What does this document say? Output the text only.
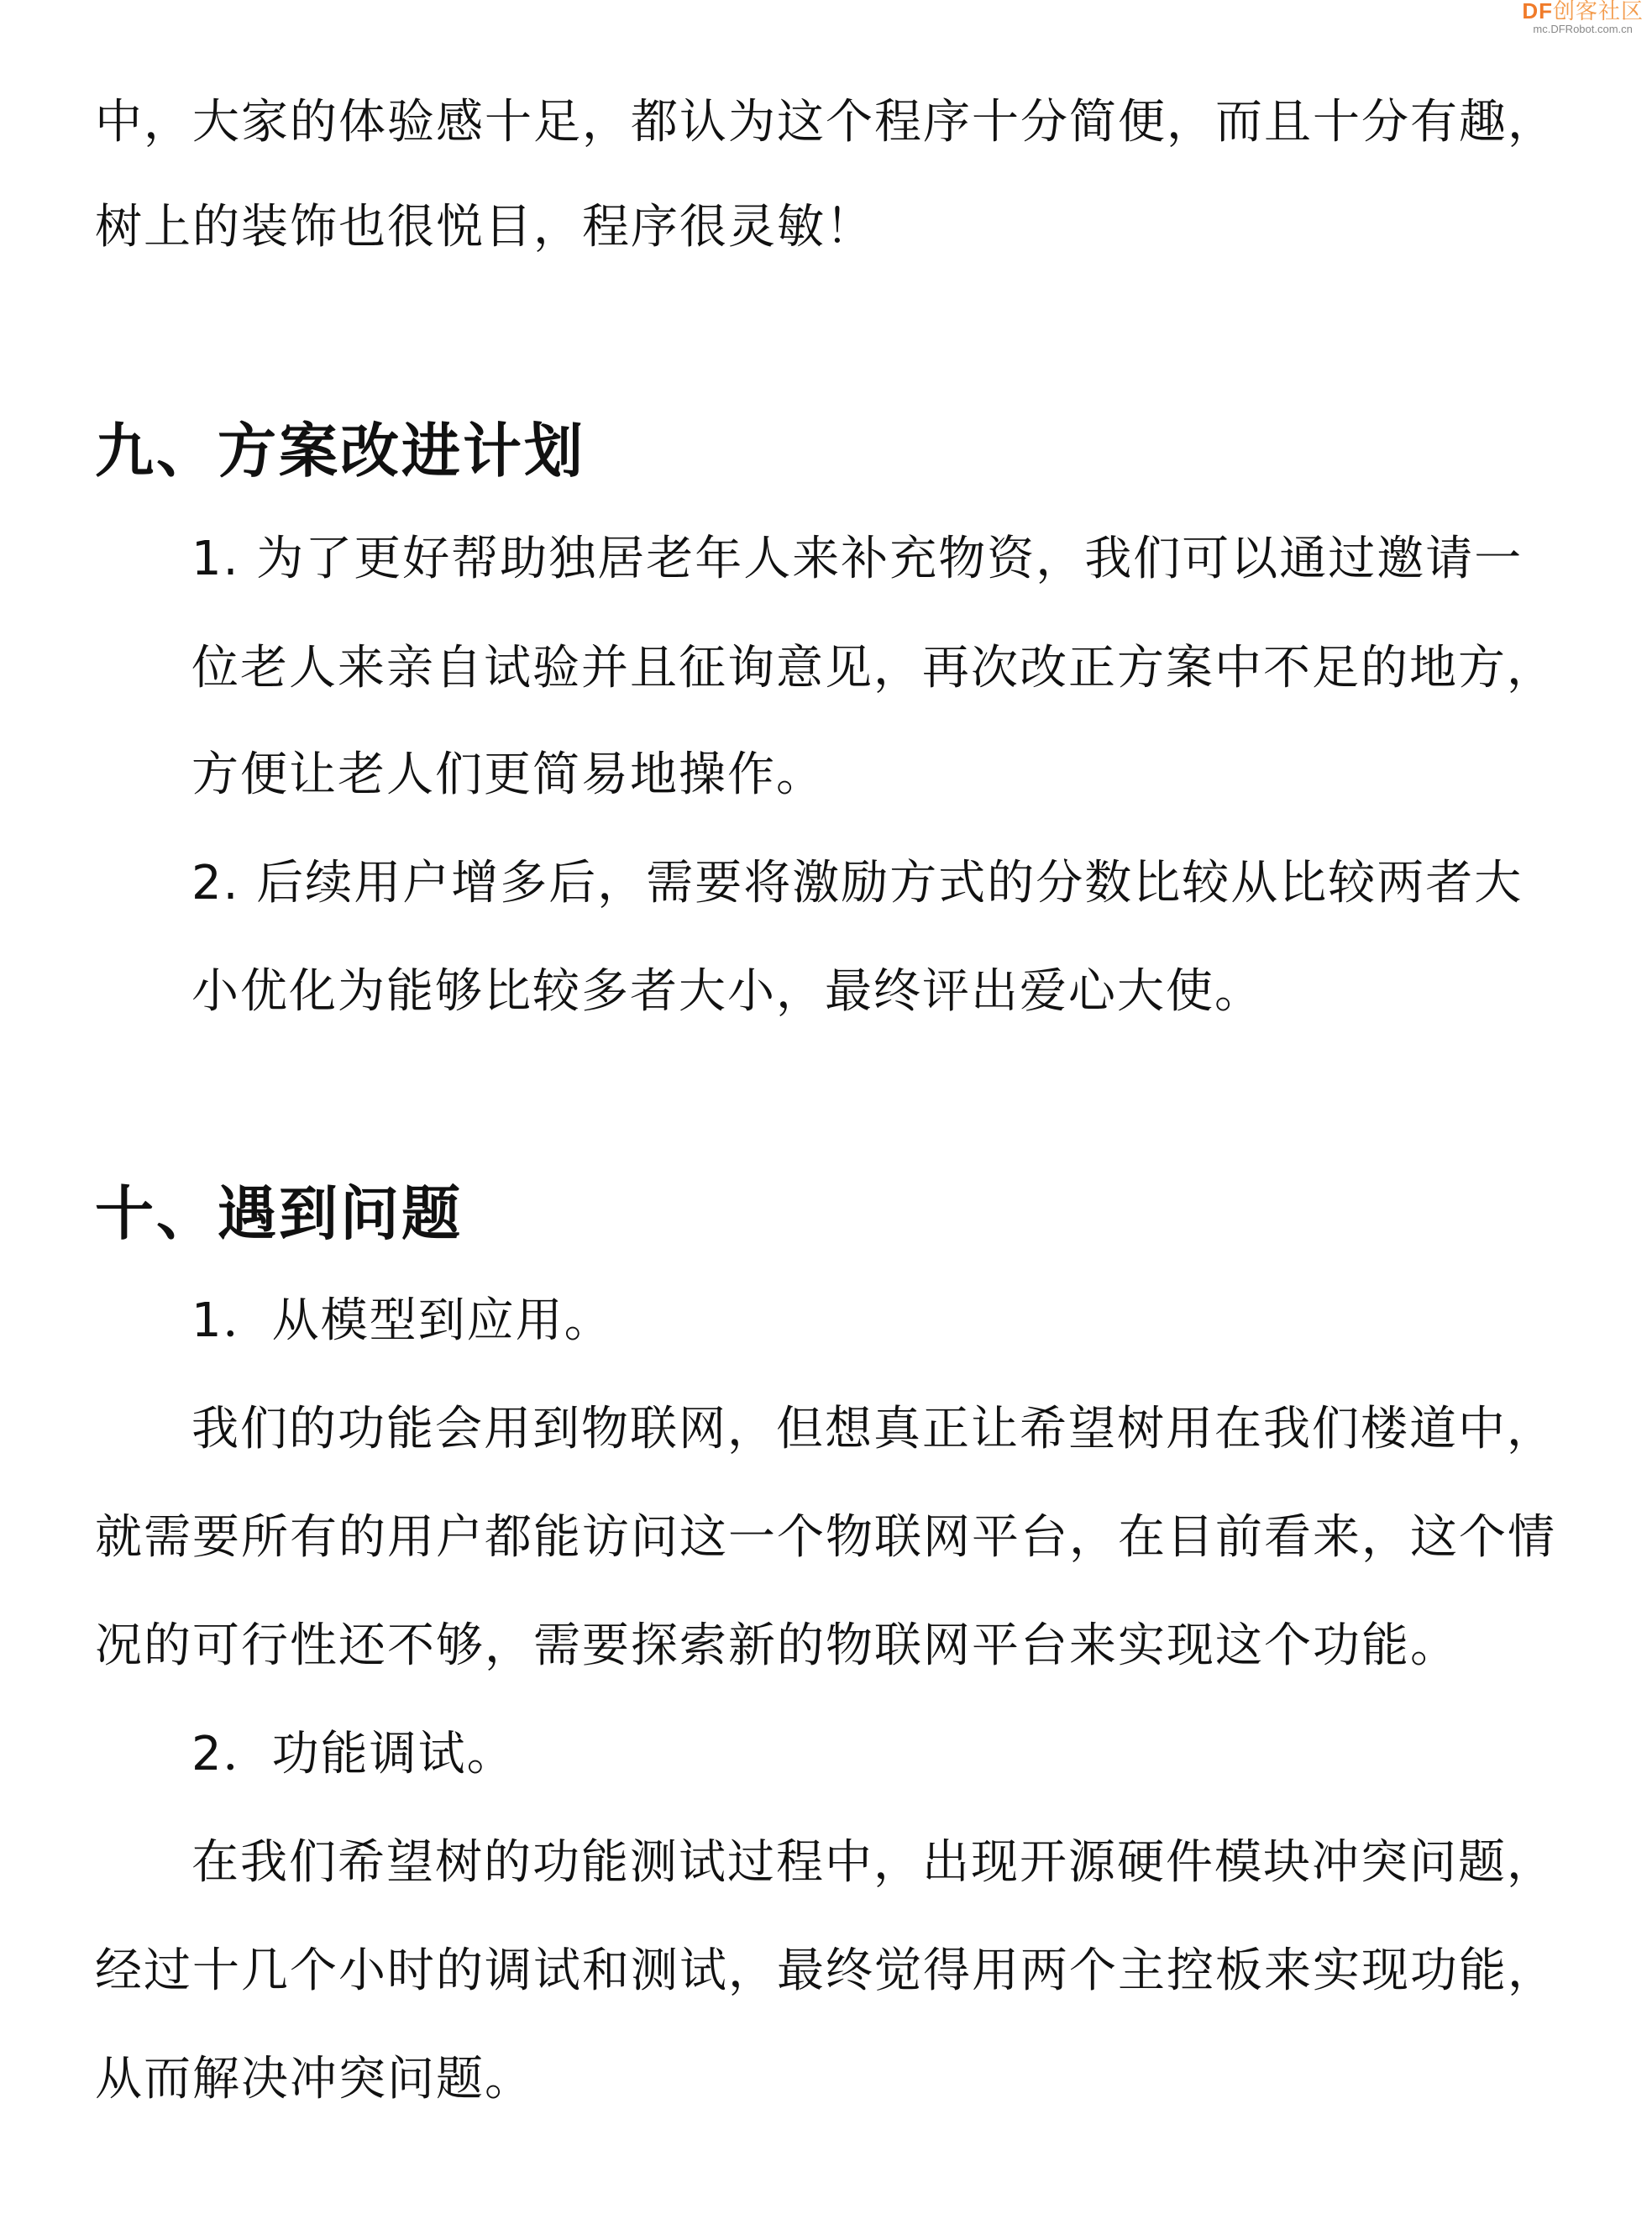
DF创客社区
mc.DFRobot.com.cn
中，大家的体验感十足，都认为这个程序十分简便，而且十分有趣，
树上的装饰也很悦目，程序很灵敏！
九、方案改进计划
1. 为了更好帮助独居老年人来补充物资，我们可以通过邀请一
位老人来亲自试验并且征询意见，再次改正方案中不足的地方，
方便让老人们更简易地操作。
2. 后续用户增多后，需要将激励方式的分数比较从比较两者大
小优化为能够比较多者大小，最终评出爱心大使。
十、遇到问题
1．从模型到应用。
我们的功能会用到物联网，但想真正让希望树用在我们楼道中，
就需要所有的用户都能访问这一个物联网平台，在目前看来，这个情
况的可行性还不够，需要探索新的物联网平台来实现这个功能。
2．功能调试。
在我们希望树的功能测试过程中，出现开源硬件模块冲突问题，
经过十几个小时的调试和测试，最终觉得用两个主控板来实现功能，
从而解决冲突问题。
